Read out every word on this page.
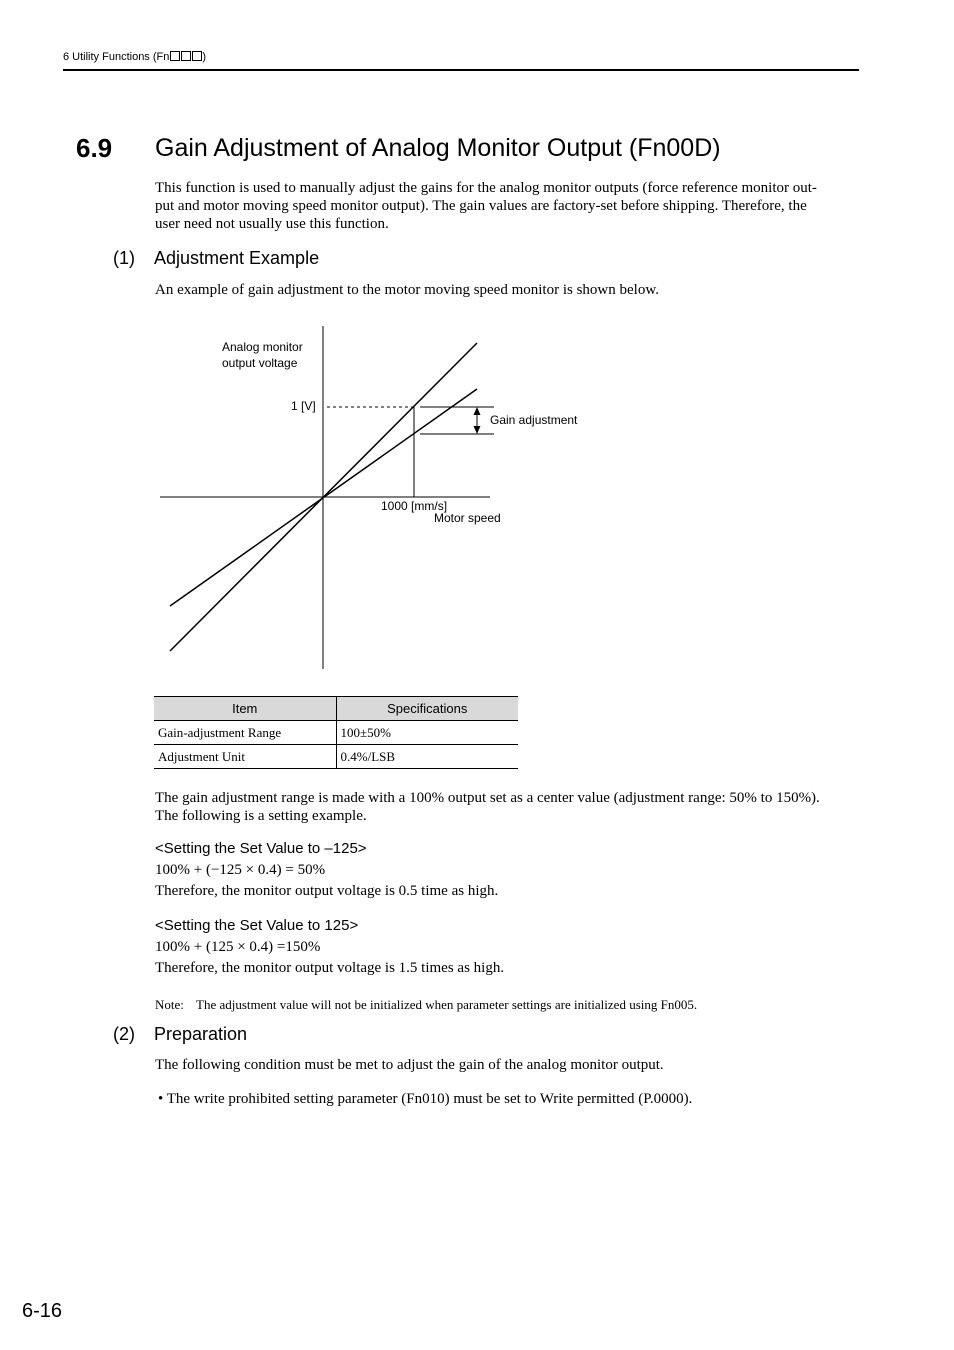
6 Utility Functions (Fn	)
6.9 Gain Adjustment of Analog Monitor Output (Fn00D)
This function is used to manually adjust the gains for the analog monitor outputs (force reference monitor out-
put and motor moving speed monitor output). The gain values are factory-set before shipping. Therefore, the
user need not usually use this function.
(1) Adjustment Example
An example of gain adjustment to the motor moving speed monitor is shown below.
Analog monitor
output voltage
1 [V]
1000 [mm/s]
Motor speed
Gain adjustment
Item	Specifications
Gain-adjustment Range	100±50%
Adjustment Unit	0.4%/LSB
The gain adjustment range is made with a 100% output set as a center value (adjustment range: 50% to 150%).
The following is a setting example.
<Setting the Set Value to –125>
100% + (−125 × 0.4) = 50%
Therefore, the monitor output voltage is 0.5 time as high.
<Setting the Set Value to 125>
100% + (125 × 0.4) =150%
Therefore, the monitor output voltage is 1.5 times as high.
Note: The adjustment value will not be initialized when parameter settings are initialized using Fn005.
(2) Preparation
The following condition must be met to adjust the gain of the analog monitor output.
• The write prohibited setting parameter (Fn010) must be set to Write permitted (P.0000).
6-16
